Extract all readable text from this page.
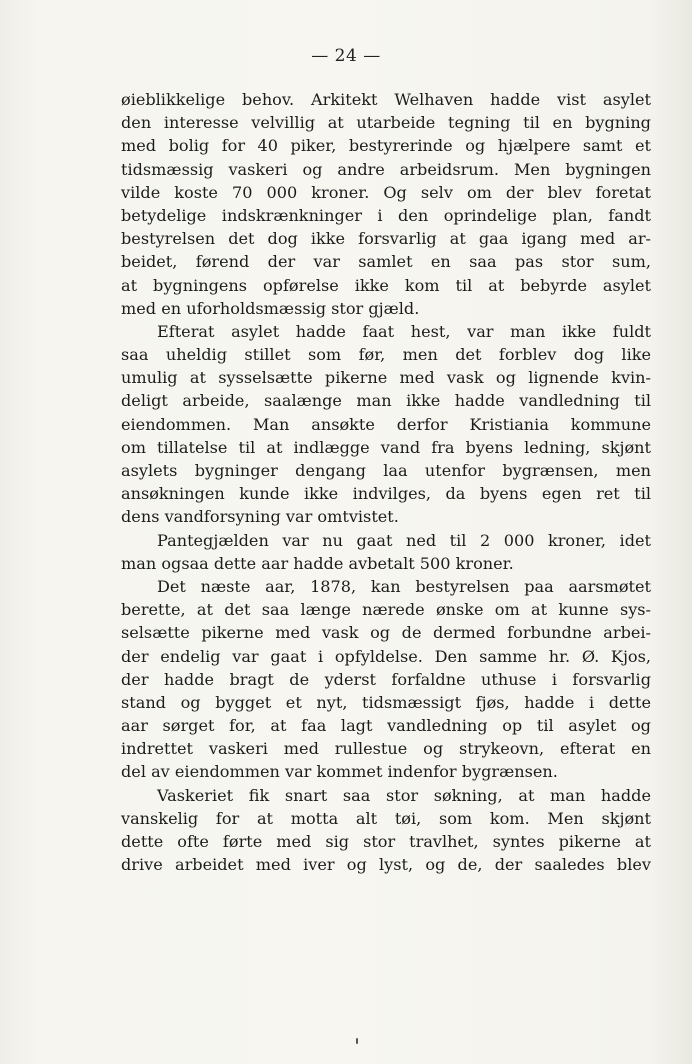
— 24 —
øieblikkelige behov. Arkitekt Welhaven hadde vist asylet
den interesse velvillig at utarbeide tegning til en bygning
med bolig for 40 piker, bestyrerinde og hjælpere samt et
tidsmæssig vaskeri og andre arbeidsrum. Men bygningen
vilde koste 70 000 kroner. Og selv om der blev foretat
betydelige indskrænkninger i den oprindelige plan, fandt
bestyrelsen det dog ikke forsvarlig at gaa igang med ar-
beidet, førend der var samlet en saa pas stor sum,
at bygningens opførelse ikke kom til at bebyrde asylet
med en uforholdsmæssig stor gjæld.
Efterat asylet hadde faat hest, var man ikke fuldt
saa uheldig stillet som før, men det forblev dog like
umulig at sysselsætte pikerne med vask og lignende kvin-
deligt arbeide, saalænge man ikke hadde vandledning til
eiendommen. Man ansøkte derfor Kristiania kommune
om tillatelse til at indlægge vand fra byens ledning, skjønt
asylets bygninger dengang laa utenfor bygrænsen, men
ansøkningen kunde ikke indvilges, da byens egen ret til
dens vandforsyning var omtvistet.
Pantegjælden var nu gaat ned til 2 000 kroner, idet
man ogsaa dette aar hadde avbetalt 500 kroner.
Det næste aar, 1878, kan bestyrelsen paa aarsmøtet
berette, at det saa længe nærede ønske om at kunne sys-
selsætte pikerne med vask og de dermed forbundne arbei-
der endelig var gaat i opfyldelse. Den samme hr. Ø. Kjos,
der hadde bragt de yderst forfaldne uthuse i forsvarlig
stand og bygget et nyt, tidsmæssigt fjøs, hadde i dette
aar sørget for, at faa lagt vandledning op til asylet og
indrettet vaskeri med rullestue og strykeovn, efterat en
del av eiendommen var kommet indenfor bygrænsen.
Vaskeriet fik snart saa stor søkning, at man hadde
vanskelig for at motta alt tøi, som kom. Men skjønt
dette ofte førte med sig stor travlhet, syntes pikerne at
drive arbeidet med iver og lyst, og de, der saaledes blev
